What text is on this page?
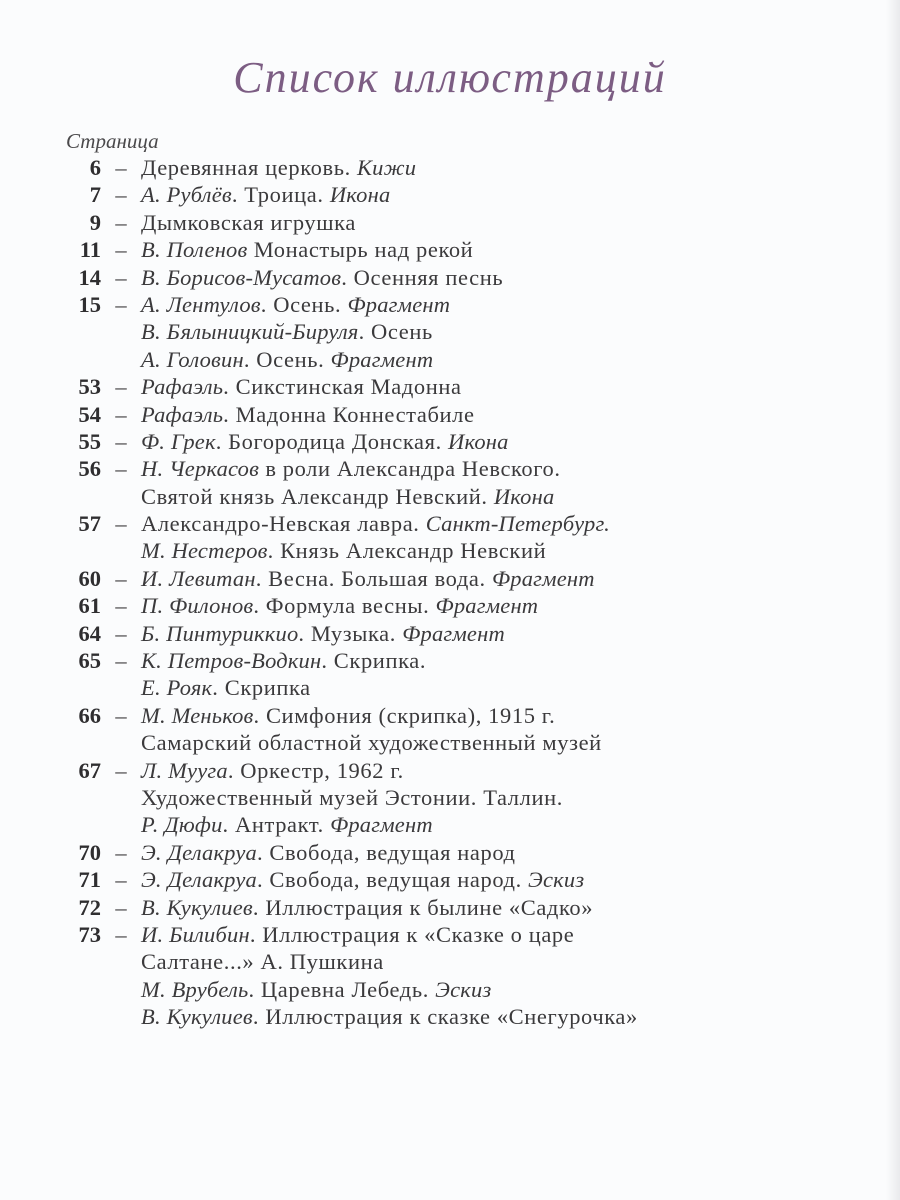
Список иллюстраций
Страница
6 – Деревянная церковь. Кижи
7 – А. Рублёв. Троица. Икона
9 – Дымковская игрушка
11 – В. Поленов Монастырь над рекой
14 – В. Борисов-Мусатов. Осенняя песнь
15 – А. Лентулов. Осень. Фрагмент
В. Бялыницкий-Бируля. Осень
А. Головин. Осень. Фрагмент
53 – Рафаэль. Сикстинская Мадонна
54 – Рафаэль. Мадонна Коннестабиле
55 – Ф. Грек. Богородица Донская. Икона
56 – Н. Черкасов в роли Александра Невского.
Святой князь Александр Невский. Икона
57 – Александро-Невская лавра. Санкт-Петербург.
М. Нестеров. Князь Александр Невский
60 – И. Левитан. Весна. Большая вода. Фрагмент
61 – П. Филонов. Формула весны. Фрагмент
64 – Б. Пинтуриккио. Музыка. Фрагмент
65 – К. Петров-Водкин. Скрипка.
Е. Рояк. Скрипка
66 – М. Меньков. Симфония (скрипка), 1915 г.
Самарский областной художественный музей
67 – Л. Мууга. Оркестр, 1962 г.
Художественный музей Эстонии. Таллин.
Р. Дюфи. Антракт. Фрагмент
70 – Э. Делакруа. Свобода, ведущая народ
71 – Э. Делакруа. Свобода, ведущая народ. Эскиз
72 – В. Кукулиев. Иллюстрация к былине «Садко»
73 – И. Билибин. Иллюстрация к «Сказке о царе
Салтане...» А. Пушкина
М. Врубель. Царевна Лебедь. Эскиз
В. Кукулиев. Иллюстрация к сказке «Снегурочка»
